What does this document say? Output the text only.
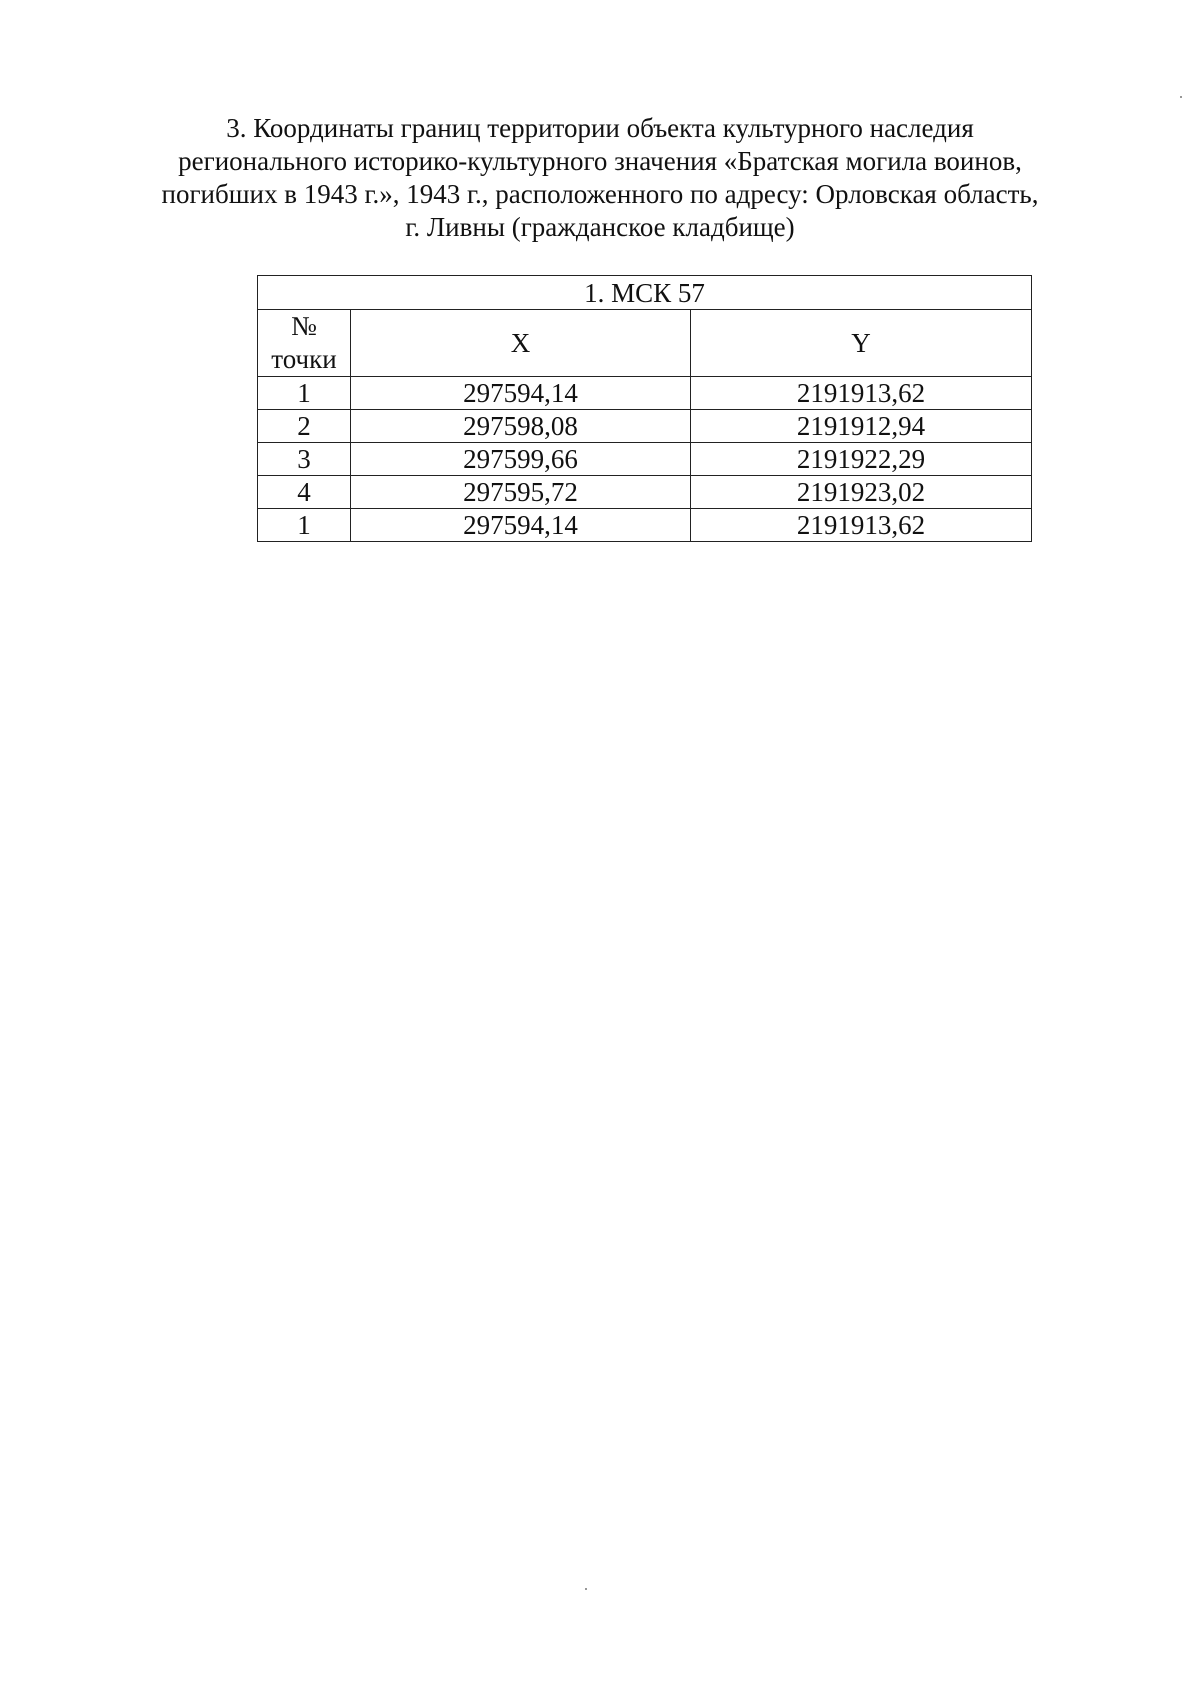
3. Координаты границ территории объекта культурного наследия
регионального историко-культурного значения «Братская могила воинов,
погибших в 1943 г.», 1943 г., расположенного по адресу: Орловская область,
г. Ливны (гражданское кладбище)
1. МСК 57		

№
точки	X	Y
1	297594,14	2191913,62
2	297598,08	2191912,94
3	297599,66	2191922,29
4	297595,72	2191923,02
1	297594,14	2191913,62
